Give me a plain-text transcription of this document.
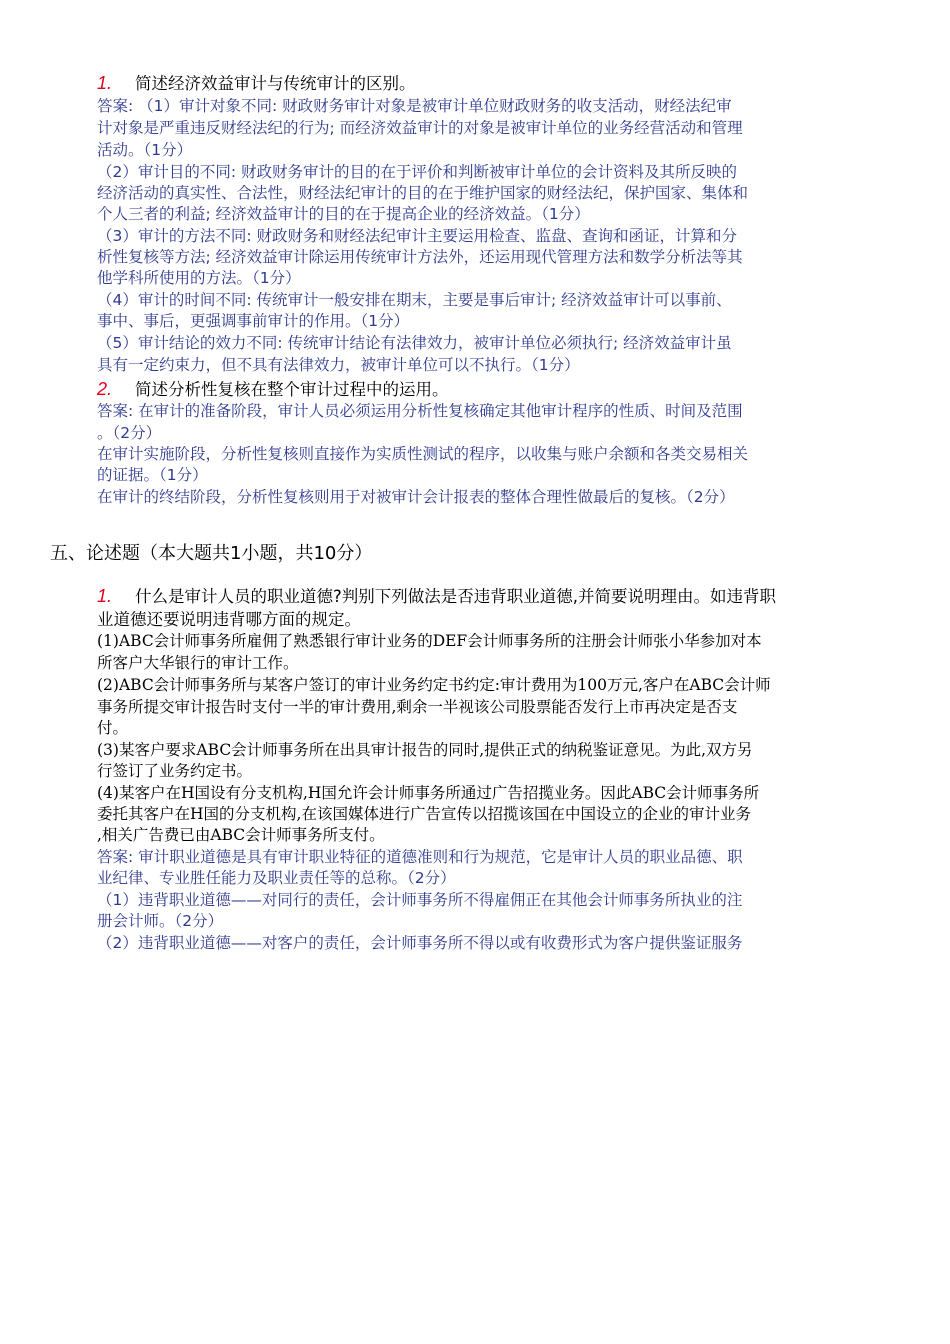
1. 简述经济效益审计与传统审计的区别。
答案: （1）审计对象不同: 财政财务审计对象是被审计单位财政财务的收支活动，财经法纪审
计对象是严重违反财经法纪的行为; 而经济效益审计的对象是被审计单位的业务经营活动和管理
活动。（1分）
（2）审计目的不同: 财政财务审计的目的在于评价和判断被审计单位的会计资料及其所反映的
经济活动的真实性、合法性，财经法纪审计的目的在于维护国家的财经法纪，保护国家、集体和
个人三者的利益; 经济效益审计的目的在于提高企业的经济效益。（1分）
（3）审计的方法不同: 财政财务和财经法纪审计主要运用检查、监盘、查询和函证，计算和分
析性复核等方法; 经济效益审计除运用传统审计方法外，还运用现代管理方法和数学分析法等其
他学科所使用的方法。（1分）
（4）审计的时间不同: 传统审计一般安排在期末，主要是事后审计; 经济效益审计可以事前、
事中、事后，更强调事前审计的作用。（1分）
（5）审计结论的效力不同: 传统审计结论有法律效力，被审计单位必须执行; 经济效益审计虽
具有一定约束力，但不具有法律效力，被审计单位可以不执行。（1分）
2. 简述分析性复核在整个审计过程中的运用。
答案: 在审计的准备阶段，审计人员必须运用分析性复核确定其他审计程序的性质、时间及范围
。（2分）
在审计实施阶段，分析性复核则直接作为实质性测试的程序，以收集与账户余额和各类交易相关
的证据。（1分）
在审计的终结阶段，分析性复核则用于对被审计会计报表的整体合理性做最后的复核。（2分）
五、论述题（本大题共1小题，共10分）
1. 什么是审计人员的职业道德?判别下列做法是否违背职业道德,并简要说明理由。如违背职
业道德还要说明违背哪方面的规定。
(1)ABC会计师事务所雇佣了熟悉银行审计业务的DEF会计师事务所的注册会计师张小华参加对本
所客户大华银行的审计工作。
(2)ABC会计师事务所与某客户签订的审计业务约定书约定:审计费用为100万元,客户在ABC会计师
事务所提交审计报告时支付一半的审计费用,剩余一半视该公司股票能否发行上市再决定是否支
付。
(3)某客户要求ABC会计师事务所在出具审计报告的同时,提供正式的纳税鉴证意见。为此,双方另
行签订了业务约定书。
(4)某客户在H国设有分支机构,H国允许会计师事务所通过广告招揽业务。因此ABC会计师事务所
委托其客户在H国的分支机构,在该国媒体进行广告宣传以招揽该国在中国设立的企业的审计业务
,相关广告费已由ABC会计师事务所支付。
答案: 审计职业道德是具有审计职业特征的道德准则和行为规范，它是审计人员的职业品德、职
业纪律、专业胜任能力及职业责任等的总称。（2分）
（1）违背职业道德——对同行的责任，会计师事务所不得雇佣正在其他会计师事务所执业的注
册会计师。（2分）
（2）违背职业道德——对客户的责任，会计师事务所不得以或有收费形式为客户提供鉴证服务
